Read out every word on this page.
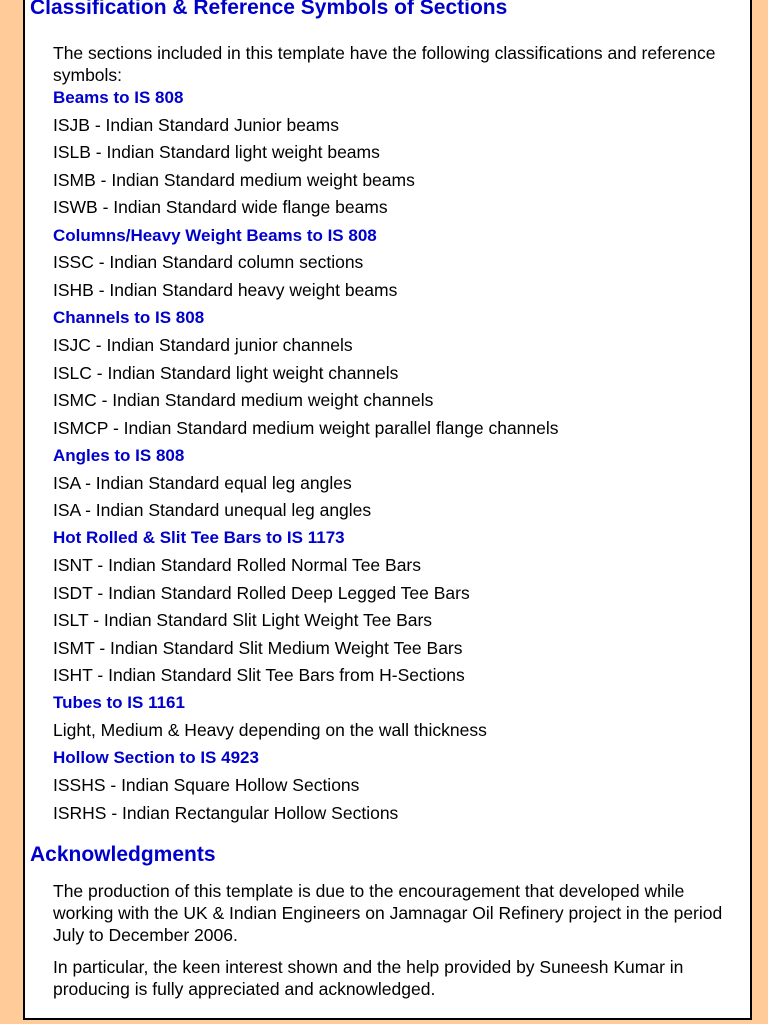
Classification & Reference Symbols of Sections
The sections included in this template have the following classifications and reference symbols:
Beams to IS 808
ISJB - Indian Standard Junior beams
ISLB - Indian Standard light weight beams
ISMB - Indian Standard medium weight beams
ISWB - Indian Standard wide flange beams
Columns/Heavy Weight Beams to IS 808
ISSC - Indian Standard column sections
ISHB - Indian Standard heavy weight beams
Channels to IS 808
ISJC - Indian Standard junior channels
ISLC - Indian Standard light weight channels
ISMC - Indian Standard medium weight channels
ISMCP - Indian Standard medium weight parallel flange channels
Angles to IS 808
ISA - Indian Standard equal leg angles
ISA - Indian Standard unequal leg angles
Hot Rolled & Slit Tee Bars to IS 1173
ISNT - Indian Standard Rolled Normal Tee Bars
ISDT - Indian Standard Rolled Deep Legged Tee Bars
ISLT - Indian Standard Slit Light Weight Tee Bars
ISMT - Indian Standard Slit Medium Weight Tee Bars
ISHT - Indian Standard Slit Tee Bars from H-Sections
Tubes to IS 1161
Light, Medium & Heavy depending on the wall thickness
Hollow Section to IS 4923
ISSHS - Indian Square Hollow Sections
ISRHS - Indian Rectangular Hollow Sections
Acknowledgments
The production of this template is due to the encouragement that developed while working with the UK & Indian Engineers on Jamnagar Oil Refinery project in the period July to December 2006.
In particular, the keen interest shown and the help provided by Suneesh Kumar in producing is fully appreciated and acknowledged.
